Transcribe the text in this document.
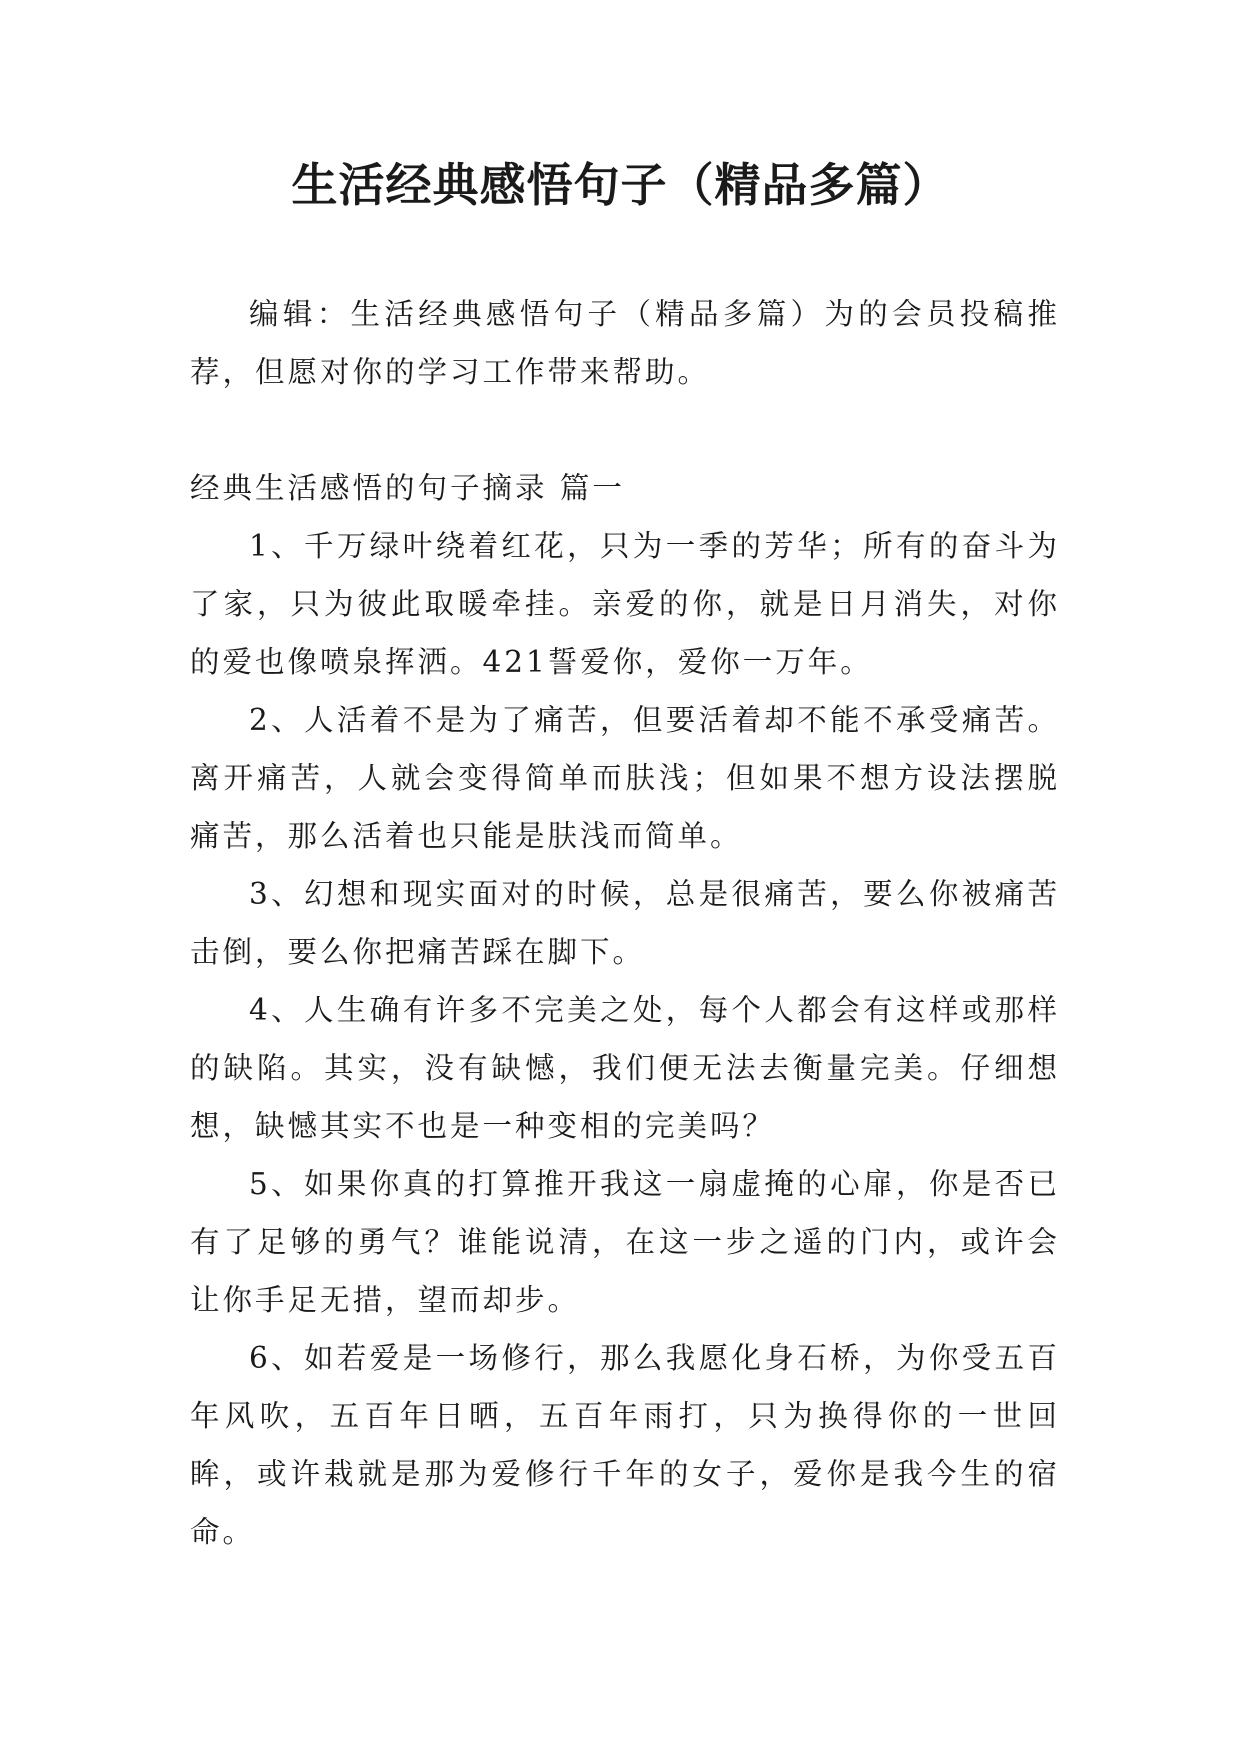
生活经典感悟句子（精品多篇）

编辑：生活经典感悟句子（精品多篇）为的会员投稿推荐，但愿对你的学习工作带来帮助。

经典生活感悟的句子摘录 篇一

1、千万绿叶绕着红花，只为一季的芳华；所有的奋斗为了家，只为彼此取暖牵挂。亲爱的你，就是日月消失，对你的爱也像喷泉挥洒。421誓爱你，爱你一万年。

2、人活着不是为了痛苦，但要活着却不能不承受痛苦。离开痛苦，人就会变得简单而肤浅；但如果不想方设法摆脱痛苦，那么活着也只能是肤浅而简单。

3、幻想和现实面对的时候，总是很痛苦，要么你被痛苦击倒，要么你把痛苦踩在脚下。

4、人生确有许多不完美之处，每个人都会有这样或那样的缺陷。其实，没有缺憾，我们便无法去衡量完美。仔细想想，缺憾其实不也是一种变相的完美吗？

5、如果你真的打算推开我这一扇虚掩的心扉，你是否已有了足够的勇气？谁能说清，在这一步之遥的门内，或许会让你手足无措，望而却步。

6、如若爱是一场修行，那么我愿化身石桥，为你受五百年风吹，五百年日晒，五百年雨打，只为换得你的一世回眸，或许栽就是那为爱修行千年的女子，爱你是我今生的宿命。
